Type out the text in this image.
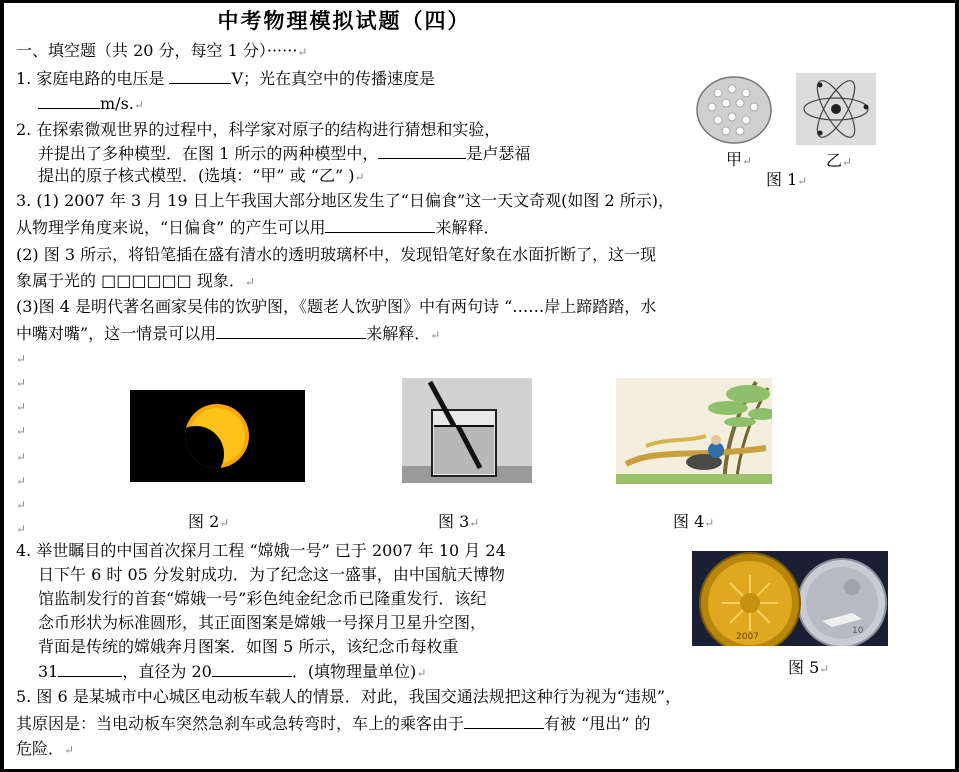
中考物理模拟试题（四）
一、填空题（共 20 分，每空 1 分）······↵
1. 家庭电路的电压是	V；光在真空中的传播速度是
m/s.↵
2. 在探索微观世界的过程中，科学家对原子的结构进行猜想和实验，
并提出了多种模型．在图 1 所示的两种模型中，	是卢瑟福
提出的原子核式模型．(选填：“甲” 或 “乙” )↵
甲↵	乙↵
图 1↵
3. (1) 2007 年 3 月 19 日上午我国大部分地区发生了“日偏食”这一天文奇观(如图 2 所示)，
从物理学角度来说，“日偏食” 的产生可以用	来解释．
(2) 图 3 所示，将铅笔插在盛有清水的透明玻璃杯中，发现铅笔好象在水面折断了，这一现
象属于光的 □□□□□□ 现象．↵
(3)图 4 是明代著名画家吴伟的饮驴图，《题老人饮驴图》中有两句诗 “……岸上蹄踏踏，水
中嘴对嘴”，这一情景可以用	来解释．↵
↵
↵
↵
↵
↵
↵
↵
↵	图 2↵	图 3↵	图 4↵
4. 举世瞩目的中国首次探月工程 “嫦娥一号” 已于 2007 年 10 月 24
日下午 6 时 05 分发射成功．为了纪念这一盛事，由中国航天博物
馆监制发行的首套“嫦娥一号”彩色纯金纪念币已隆重发行．该纪
念币形状为标准圆形，其正面图案是嫦娥一号探月卫星升空图，
背面是传统的嫦娥奔月图案．如图 5 所示，该纪念币每枚重
31	，直径为 20	．(填物理量单位)↵
10
2007
图 5↵
5. 图 6 是某城市中心城区电动板车载人的情景．对此，我国交通法规把这种行为视为“违规”，
其原因是：当电动板车突然急刹车或急转弯时，车上的乘客由于	有被 “甩出” 的
危险．↵
